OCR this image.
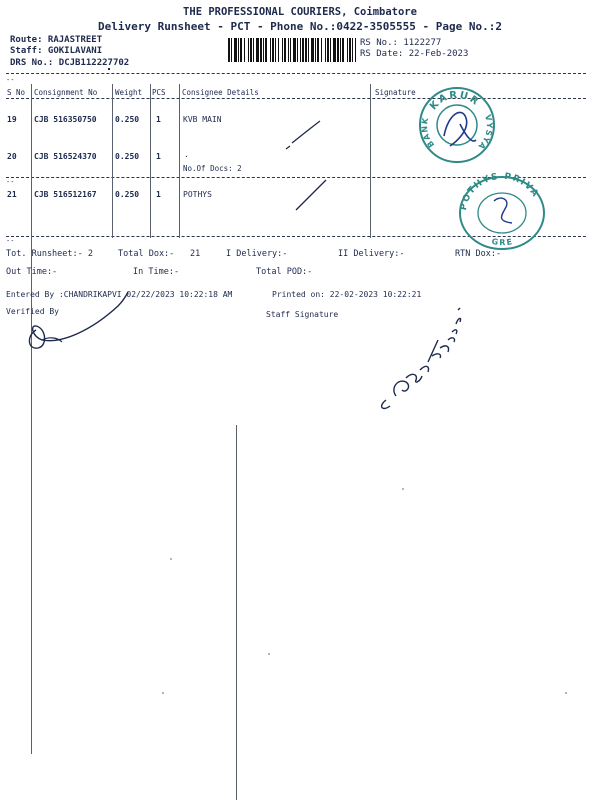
THE PROFESSIONAL COURIERS, Coimbatore
Delivery Runsheet - PCT - Phone No.:0422-3505555 - Page No.:2
Route: RAJASTREET
Staff: GOKILAVANI
DRS No.: DCJB112227702
RS No.: 1122277
RS Date: 22-Feb-2023
--
--
--
S No Consignment No Weight PCS Consignee Details	Signature
19 CJB 516350750 0.250 1	KVB MAIN
20 CJB 516524370 0.250 1	.
No.Of Docs: 2
21 CJB 516512167 0.250 1	POTHYS
KARUR
BANK	VYSYA
POTHYS PRIVA
GRE
Tot. Runsheet:- 2	Total Dox:- 21	I Delivery:-	II Delivery:-	RTN Dox:-
Out Time:-	In Time:-	Total POD:-
Entered By :CHANDRIKAPVI 02/22/2023 10:22:18 AM	Printed on: 22-02-2023 10:22:21
Verified By	Staff Signature
